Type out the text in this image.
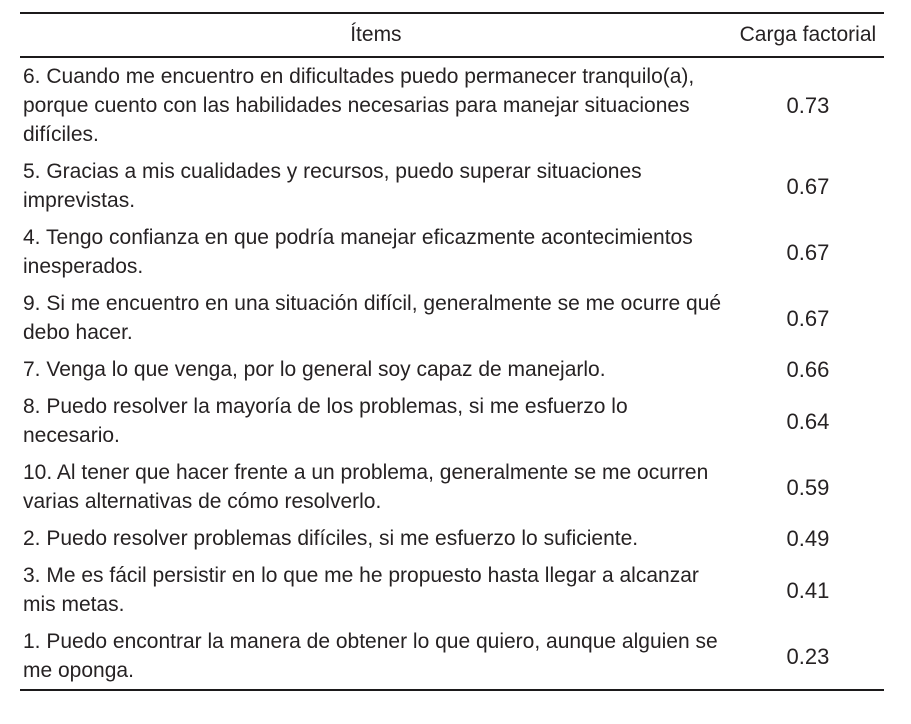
Ítems	Carga factorial
6. Cuando me encuentro en dificultades puedo permanecer tranquilo(a), porque cuento con las habilidades necesarias para manejar situaciones difíciles.	0.73
5. Gracias a mis cualidades y recursos, puedo superar situaciones imprevistas.	0.67
4. Tengo confianza en que podría manejar eficazmente acontecimientos inesperados.	0.67
9. Si me encuentro en una situación difícil, generalmente se me ocurre qué debo hacer.	0.67
7. Venga lo que venga, por lo general soy capaz de manejarlo.	0.66
8. Puedo resolver la mayoría de los problemas, si me esfuerzo lo necesario.	0.64
10. Al tener que hacer frente a un problema, generalmente se me ocurren varias alternativas de cómo resolverlo.	0.59
2. Puedo resolver problemas difíciles, si me esfuerzo lo suficiente.	0.49
3. Me es fácil persistir en lo que me he propuesto hasta llegar a alcanzar mis metas.	0.41
1. Puedo encontrar la manera de obtener lo que quiero, aunque alguien se me oponga.	0.23
